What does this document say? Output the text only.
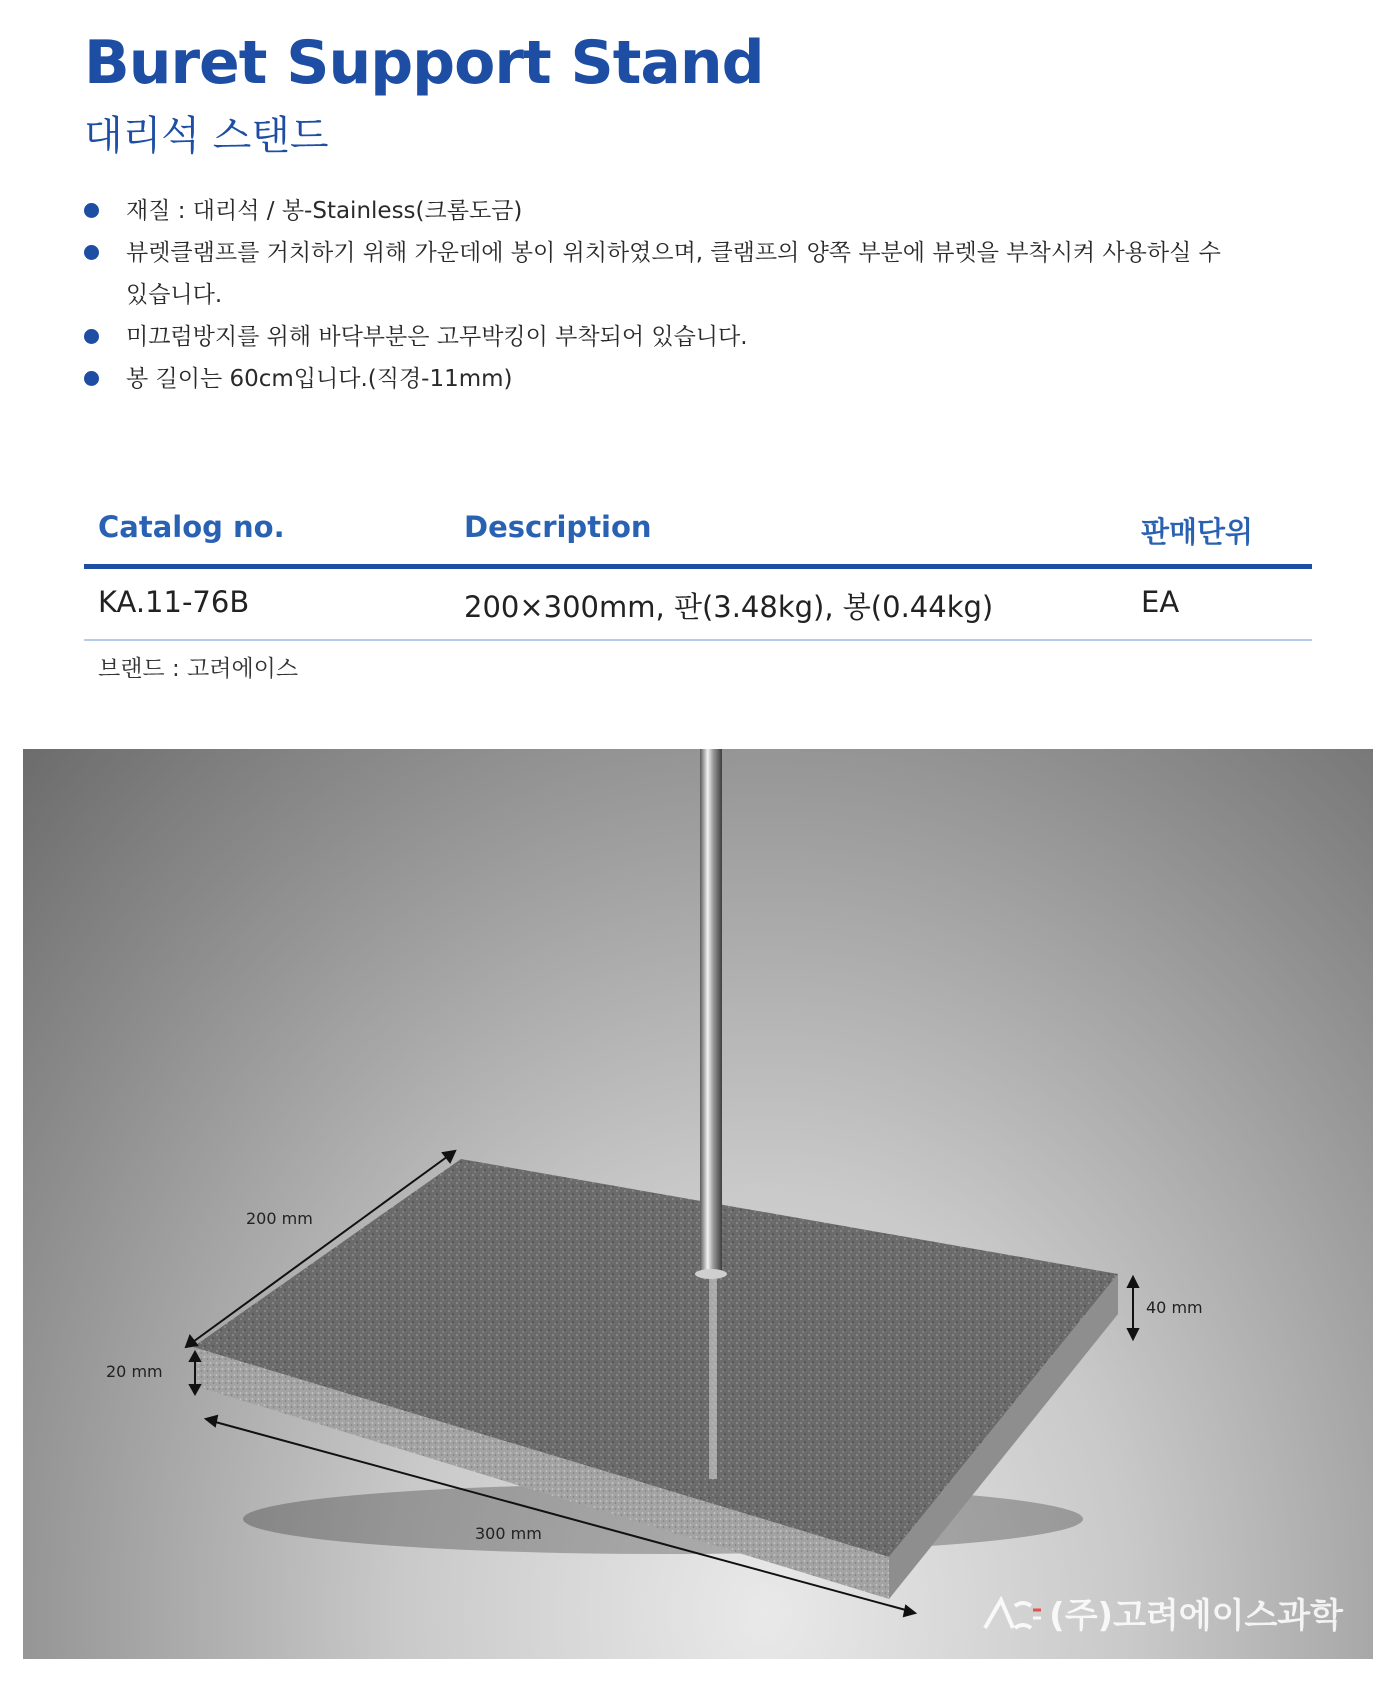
Buret Support Stand
대리석 스탠드
재질 : 대리석 / 봉-Stainless(크롬도금)
뷰렛클램프를 거치하기 위해 가운데에 봉이 위치하였으며, 클램프의 양쪽 부분에 뷰렛을 부착시켜 사용하실 수 있습니다.
미끄럼방지를 위해 바닥부분은 고무박킹이 부착되어 있습니다.
봉 길이는 60cm입니다.(직경-11mm)
Catalog no.	Description	판매단위
KA.11-76B	200×300mm, 판(3.48kg), 봉(0.44kg)	EA
브랜드 : 고려에이스
200 mm
20 mm
40 mm
300 mm
(주)고려에이스과학
